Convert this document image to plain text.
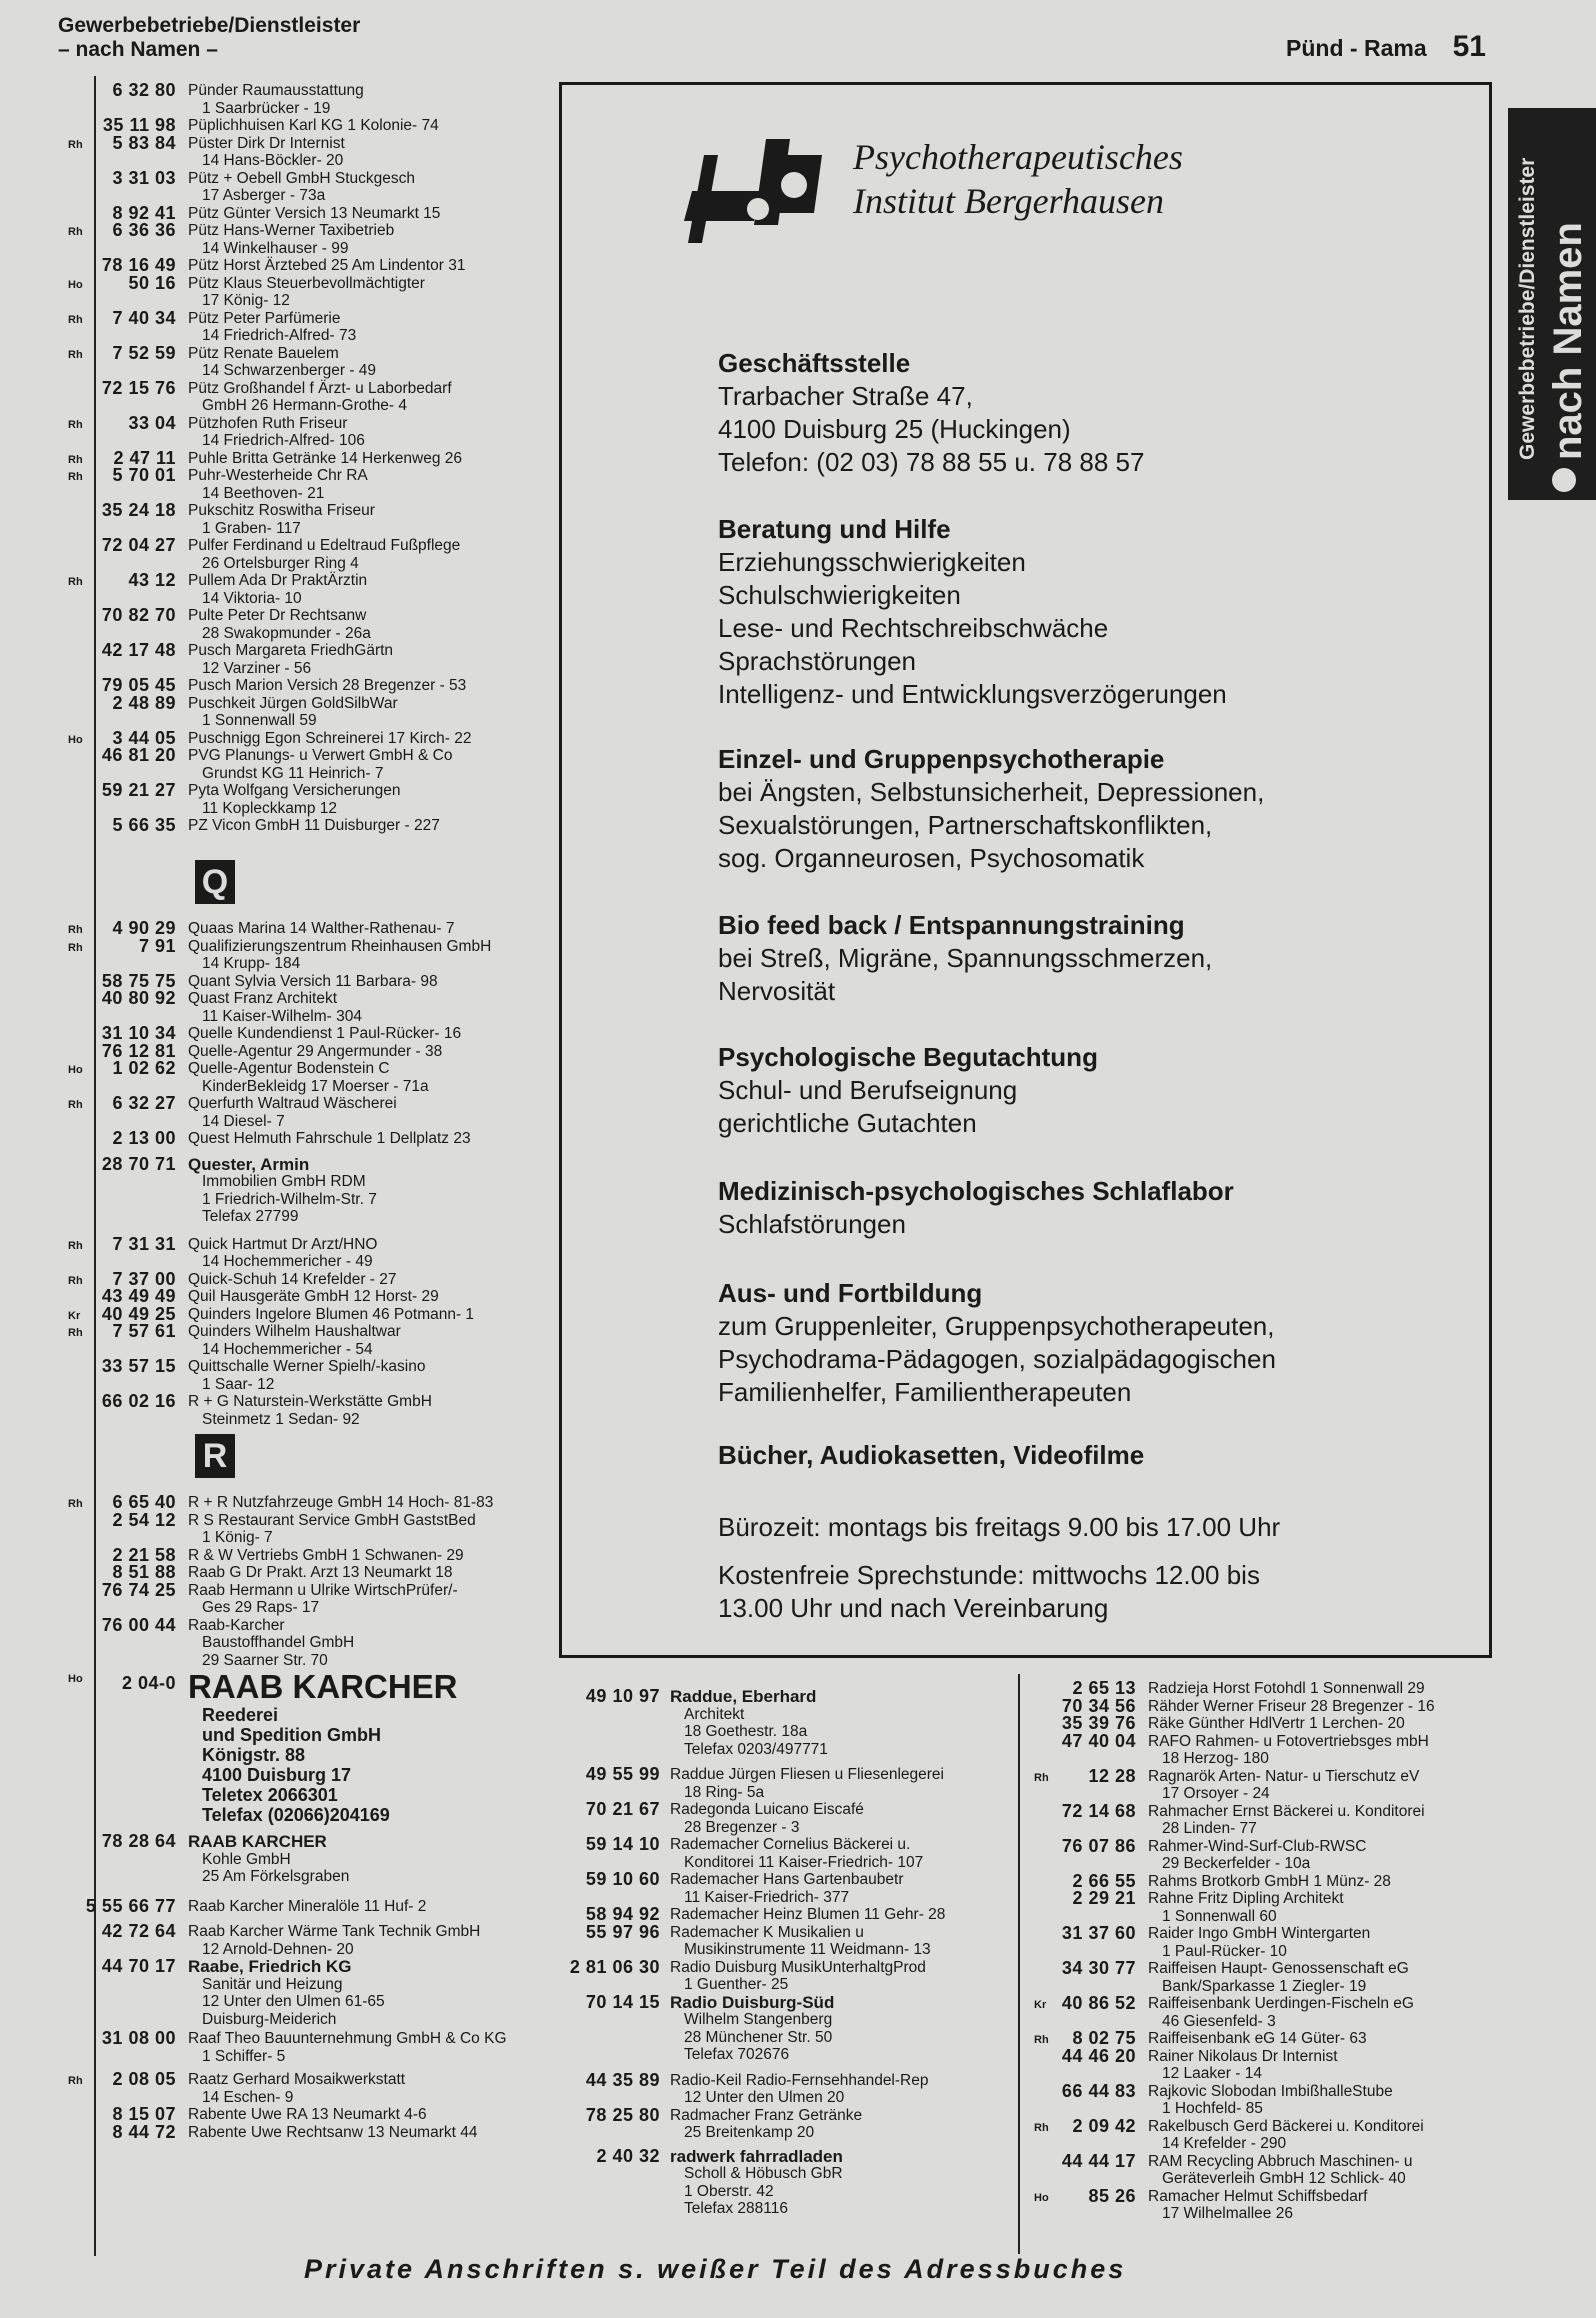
Gewerbebetriebe/Dienstleister
– nach Namen –	Pünd - Rama 51
6 32 80 Pünder Raumausstattung
1 Saarbrücker - 19
35 11 98 Püplichhuisen Karl KG 1 Kolonie- 74
Rh 5 83 84 Püster Dirk Dr Internist
14 Hans-Böckler- 20
3 31 03 Pütz + Oebell GmbH Stuckgesch
17 Asberger - 73a
8 92 41 Pütz Günter Versich 13 Neumarkt 15
Rh 6 36 36 Pütz Hans-Werner Taxibetrieb
14 Winkelhauser - 99
78 16 49 Pütz Horst Ärztebed 25 Am Lindentor 31
Ho	50 16 Pütz Klaus Steuerbevollmächtigter
17 König- 12
Rh 7 40 34 Pütz Peter Parfümerie
14 Friedrich-Alfred- 73
Rh 7 52 59 Pütz Renate Bauelem
14 Schwarzenberger - 49
72 15 76 Pütz Großhandel f Ärzt- u Laborbedarf
GmbH 26 Hermann-Grothe- 4
Rh	33 04 Pützhofen Ruth Friseur
14 Friedrich-Alfred- 106
Rh 2 47 11 Puhle Britta Getränke 14 Herkenweg 26
Rh 5 70 01 Puhr-Westerheide Chr RA
14 Beethoven- 21
35 24 18 Pukschitz Roswitha Friseur
1 Graben- 117
72 04 27 Pulfer Ferdinand u Edeltraud Fußpflege
26 Ortelsburger Ring 4
Rh	43 12 Pullem Ada Dr PraktÄrztin
14 Viktoria- 10
70 82 70 Pulte Peter Dr Rechtsanw
28 Swakopmunder - 26a
42 17 48 Pusch Margareta FriedhGärtn
12 Varziner - 56
79 05 45 Pusch Marion Versich 28 Bregenzer - 53
2 48 89 Puschkeit Jürgen GoldSilbWar
1 Sonnenwall 59
Ho 3 44 05 Puschnigg Egon Schreinerei 17 Kirch- 22
46 81 20 PVG Planungs- u Verwert GmbH & Co
Grundst KG 11 Heinrich- 7
59 21 27 Pyta Wolfgang Versicherungen
11 Kopleckkamp 12
5 66 35 PZ Vicon GmbH 11 Duisburger - 227
Rh 4 90 29 Quaas Marina 14 Walther-Rathenau- 7
Rh	7 91 Qualifizierungszentrum Rheinhausen GmbH
14 Krupp- 184
58 75 75 Quant Sylvia Versich 11 Barbara- 98
40 80 92 Quast Franz Architekt
11 Kaiser-Wilhelm- 304
31 10 34 Quelle Kundendienst 1 Paul-Rücker- 16
76 12 81 Quelle-Agentur 29 Angermunder - 38
Ho 1 02 62 Quelle-Agentur Bodenstein C
KinderBekleidg 17 Moerser - 71a
Rh 6 32 27 Querfurth Waltraud Wäscherei
14 Diesel- 7
2 13 00 Quest Helmuth Fahrschule 1 Dellplatz 23
28 70 71 Quester, Armin
Immobilien GmbH RDM
1 Friedrich-Wilhelm-Str. 7
Telefax 27799
Rh 7 31 31 Quick Hartmut Dr Arzt/HNO
14 Hochemmericher - 49
Rh 7 37 00 Quick-Schuh 14 Krefelder - 27
43 49 49 Quil Hausgeräte GmbH 12 Horst- 29
Kr	40 49 25 Quinders Ingelore Blumen 46 Potmann- 1
Rh 7 57 61 Quinders Wilhelm Haushaltwar
14 Hochemmericher - 54
33 57 15 Quittschalle Werner Spielh/-kasino
1 Saar- 12
66 02 16 R + G Naturstein-Werkstätte GmbH
Steinmetz 1 Sedan- 92
Rh 6 65 40 R + R Nutzfahrzeuge GmbH 14 Hoch- 81-83
2 54 12 R S Restaurant Service GmbH GaststBed
1 König- 7
2 21 58 R & W Vertriebs GmbH 1 Schwanen- 29
8 51 88 Raab G Dr Prakt. Arzt 13 Neumarkt 18
76 74 25 Raab Hermann u Ulrike WirtschPrüfer/-
Ges 29 Raps- 17
76 00 44 Raab-Karcher
Baustoffhandel GmbH
29 Saarner Str. 70
Ho 2 04-0 RAAB KARCHER
Reederei
und Spedition GmbH
Königstr. 88
4100 Duisburg 17
Teletex 2066301
Telefax (02066)204169
78 28 64 RAAB KARCHER
Kohle GmbH
25 Am Förkelsgraben
5 55 66 77 Raab Karcher Mineralöle 11 Huf- 2
42 72 64 Raab Karcher Wärme Tank Technik GmbH
12 Arnold-Dehnen- 20
44 70 17 Raabe, Friedrich KG
Sanitär und Heizung
12 Unter den Ulmen 61-65
Duisburg-Meiderich
31 08 00 Raaf Theo Bauunternehmung GmbH & Co KG
1 Schiffer- 5
Rh 2 08 05 Raatz Gerhard Mosaikwerkstatt
14 Eschen- 9
8 15 07 Rabente Uwe RA 13 Neumarkt 4-6
8 44 72 Rabente Uwe Rechtsanw 13 Neumarkt 44
49 10 97 Raddue, Eberhard
Architekt
18 Goethestr. 18a
Telefax 0203/497771
49 55 99 Raddue Jürgen Fliesen u Fliesenlegerei
18 Ring- 5a
70 21 67 Radegonda Luicano Eiscafé
28 Bregenzer - 3
59 14 10 Rademacher Cornelius Bäckerei u.
Konditorei 11 Kaiser-Friedrich- 107
59 10 60 Rademacher Hans Gartenbaubetr
11 Kaiser-Friedrich- 377
58 94 92 Rademacher Heinz Blumen 11 Gehr- 28
55 97 96 Rademacher K Musikalien u
Musikinstrumente 11 Weidmann- 13
2 81 06 30 Radio Duisburg MusikUnterhaltgProd
1 Guenther- 25
70 14 15 Radio Duisburg-Süd
Wilhelm Stangenberg
28 Münchener Str. 50
Telefax 702676
44 35 89 Radio-Keil Radio-Fernsehhandel-Rep
12 Unter den Ulmen 20
78 25 80 Radmacher Franz Getränke
25 Breitenkamp 20
2 40 32 radwerk fahrradladen
Scholl & Höbusch GbR
1 Oberstr. 42
Telefax 288116
2 65 13 Radzieja Horst Fotohdl 1 Sonnenwall 29
70 34 56 Rähder Werner Friseur 28 Bregenzer - 16
35 39 76 Räke Günther HdlVertr 1 Lerchen- 20
47 40 04 RAFO Rahmen- u Fotovertriebsges mbH
18 Herzog- 180
Rh 12 28 Ragnarök Arten- Natur- u Tierschutz eV
17 Orsoyer - 24
72 14 68 Rahmacher Ernst Bäckerei u. Konditorei
28 Linden- 77
76 07 86 Rahmer-Wind-Surf-Club-RWSC
29 Beckerfelder - 10a
2 66 55 Rahms Brotkorb GmbH 1 Münz- 28
2 29 21 Rahne Fritz Dipling Architekt
1 Sonnenwall 60
31 37 60 Raider Ingo GmbH Wintergarten
1 Paul-Rücker- 10
34 30 77 Raiffeisen Haupt- Genossenschaft eG
Bank/Sparkasse 1 Ziegler- 19
Kr 40 86 52 Raiffeisenbank Uerdingen-Fischeln eG
46 Giesenfeld- 3
Rh 8 02 75 Raiffeisenbank eG 14 Güter- 63
44 46 20 Rainer Nikolaus Dr Internist
12 Laaker - 14
66 44 83 Rajkovic Slobodan ImbißhalleStube
1 Hochfeld- 85
Rh 2 09 42 Rakelbusch Gerd Bäckerei u. Konditorei
14 Krefelder - 290
44 44 17 RAM Recycling Abbruch Maschinen- u
Geräteverleih GmbH 12 Schlick- 40
Ho 85 26 Ramacher Helmut Schiffsbedarf
17 Wilhelmallee 26
Q
R
Psychotherapeutisches
Institut Bergerhausen
Geschäftsstelle
Trarbacher Straße 47,
4100 Duisburg 25 (Huckingen)
Telefon: (02 03) 78 88 55 u. 78 88 57
Beratung und Hilfe
Erziehungsschwierigkeiten
Schulschwierigkeiten
Lese- und Rechtschreibschwäche
Sprachstörungen
Intelligenz- und Entwicklungsverzögerungen
Einzel- und Gruppenpsychotherapie
bei Ängsten, Selbstunsicherheit, Depressionen,
Sexualstörungen, Partnerschaftskonflikten,
sog. Organneurosen, Psychosomatik
Bio feed back / Entspannungstraining
bei Streß, Migräne, Spannungsschmerzen,
Nervosität
Psychologische Begutachtung
Schul- und Berufseignung
gerichtliche Gutachten
Medizinisch-psychologisches Schlaflabor
Schlafstörungen
Aus- und Fortbildung
zum Gruppenleiter, Gruppenpsychotherapeuten,
Psychodrama-Pädagogen, sozialpädagogischen
Familienhelfer, Familientherapeuten
Bücher, Audiokasetten, Videofilme
Bürozeit: montags bis freitags 9.00 bis 17.00 Uhr
Kostenfreie Sprechstunde: mittwochs 12.00 bis
13.00 Uhr und nach Vereinbarung
Gewerbebetriebe/Dienstleister nach Namen
Private Anschriften s. weißer Teil des Adressbuches
